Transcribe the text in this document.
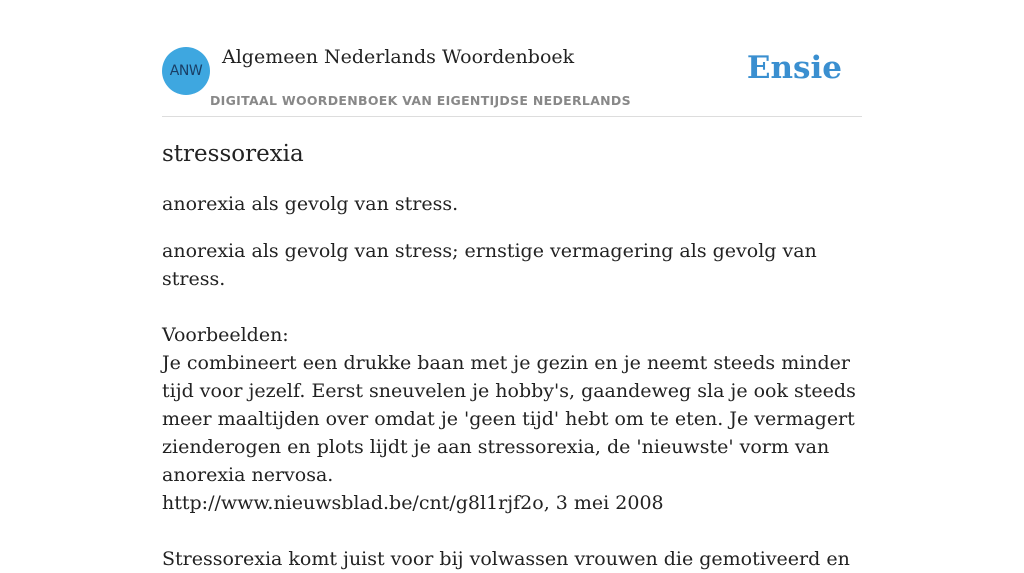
ANW
Algemeen Nederlands Woordenboek
DIGITAAL WOORDENBOEK VAN EIGENTIJDSE NEDERLANDS
Ensie
stressorexia

anorexia als gevolg van stress.

anorexia als gevolg van stress; ernstige vermagering als gevolg van stress.
Voorbeelden:
Je combineert een drukke baan met je gezin en je neemt steeds minder tijd voor jezelf. Eerst sneuvelen je hobby's, gaandeweg sla je ook steeds meer maaltijden over omdat je 'geen tijd' hebt om te eten. Je vermagert zienderogen en plots lijdt je aan stressorexia, de 'nieuwste' vorm van anorexia nervosa.
http://www.nieuwsblad.be/cnt/g8l1rjf2o, 3 mei 2008
Stressorexia komt juist voor bij volwassen vrouwen die gemotiveerd en
